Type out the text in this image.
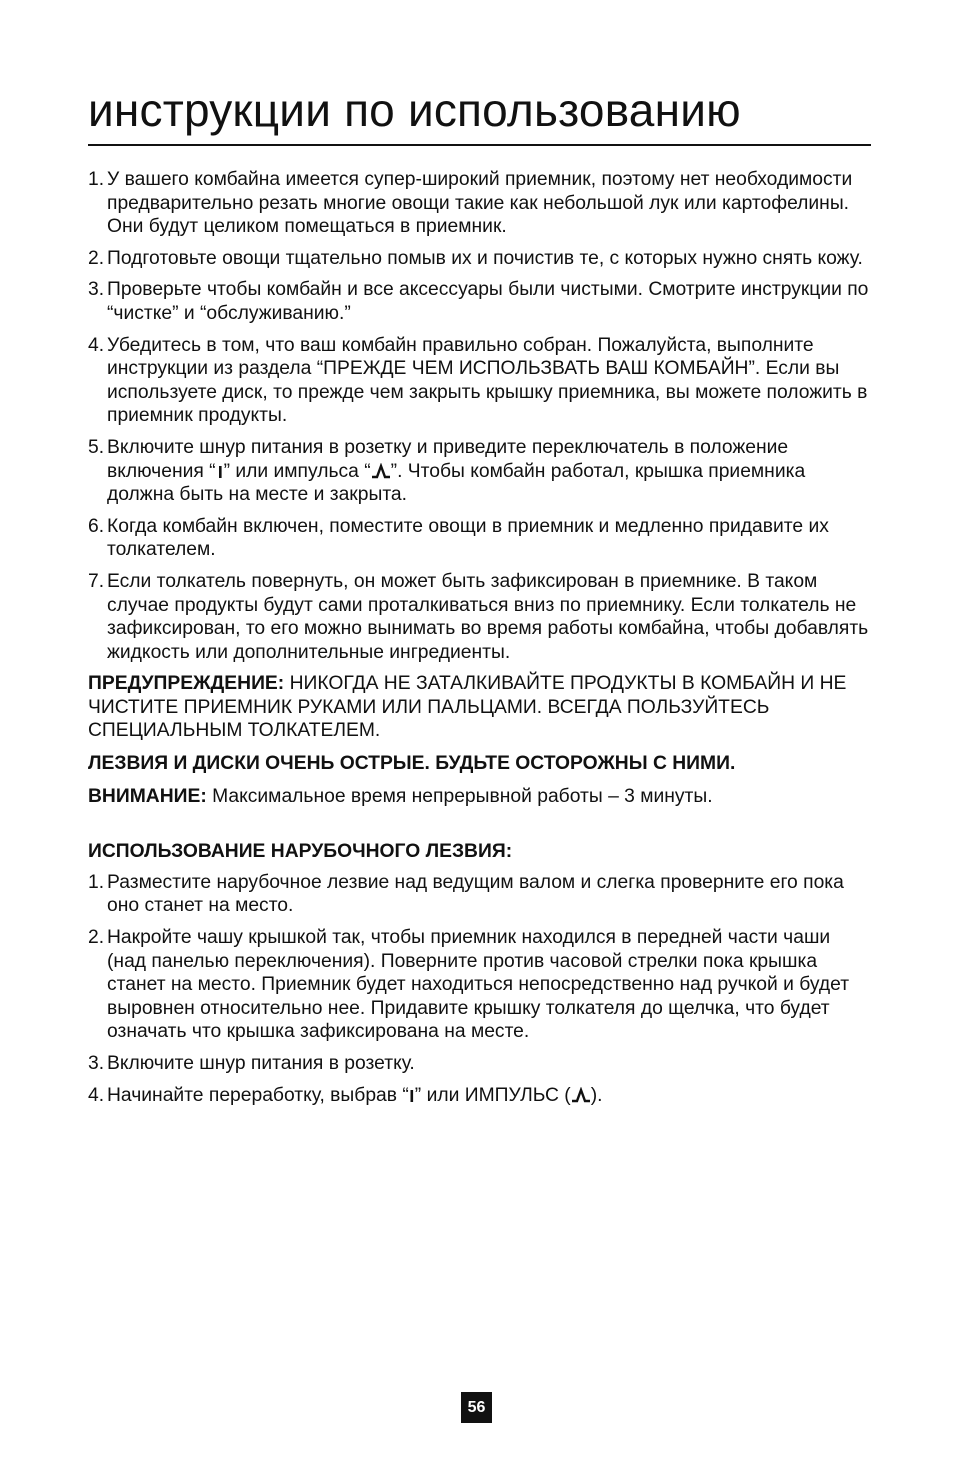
инструкции по использованию
1. У вашего комбайна имеется супер-широкий приемник, поэтому нет необходимости предварительно резать многие овощи такие как небольшой лук или картофелины. Они будут целиком помещаться в приемник.
2. Подготовьте овощи тщательно помыв их и почистив те, с которых нужно снять кожу.
3. Проверьте чтобы комбайн и все аксессуары были чистыми. Смотрите инструкции по “чистке” и “обслуживанию.”
4. Убедитесь в том, что ваш комбайн правильно собран. Пожалуйста, выполните инструкции из раздела “ПРЕЖДЕ ЧЕМ ИСПОЛЬЗВАТЬ ВАШ КОМБАЙН”. Если вы используете диск, то прежде чем закрыть крышку приемника, вы можете положить в приемник продукты.
5. Включите шнур питания в розетку и приведите переключатель в положение включения “ ” или импульса “ ”. Чтобы комбайн работал, крышка приемника должна быть на месте и закрыта.
6. Когда комбайн включен, поместите овощи в приемник и медленно придавите их толкателем.
7. Если толкатель повернуть, он может быть зафиксирован в приемнике. В таком случае продукты будут сами проталкиваться вниз по приемнику. Если толкатель не зафиксирован, то его можно вынимать во время работы комбайна, чтобы добавлять жидкость или дополнительные ингредиенты.

ПРЕДУПРЕЖДЕНИЕ: НИКОГДА НЕ ЗАТАЛКИВАЙТЕ ПРОДУКТЫ В КОМБАЙН И НЕ ЧИСТИТЕ ПРИЕМНИК РУКАМИ ИЛИ ПАЛЬЦАМИ. ВСЕГДА ПОЛЬЗУЙТЕСЬ СПЕЦИАЛЬНЫМ ТОЛКАТЕЛЕМ.

ЛЕЗВИЯ И ДИСКИ ОЧЕНЬ ОСТРЫЕ. БУДЬТЕ ОСТОРОЖНЫ С НИМИ.

ВНИМАНИЕ: Максимальное время непрерывной работы – 3 минуты.

ИСПОЛЬЗОВАНИЕ НАРУБОЧНОГО ЛЕЗВИЯ:
1. Разместите нарубочное лезвие над ведущим валом и слегка проверните его пока оно станет на место.
2. Накройте чашу крышкой так, чтобы приемник находился в передней части чаши (над панелью переключения). Поверните против часовой стрелки пока крышка станет на место. Приемник будет находиться непосредственно над ручкой и будет выровнен относительно нее. Придавите крышку толкателя до щелчка, что будет означать что крышка зафиксирована на месте.
3. Включите шнур питания в розетку.
4. Начинайте переработку, выбрав “ ” или ИМПУЛЬС ( ).
56
